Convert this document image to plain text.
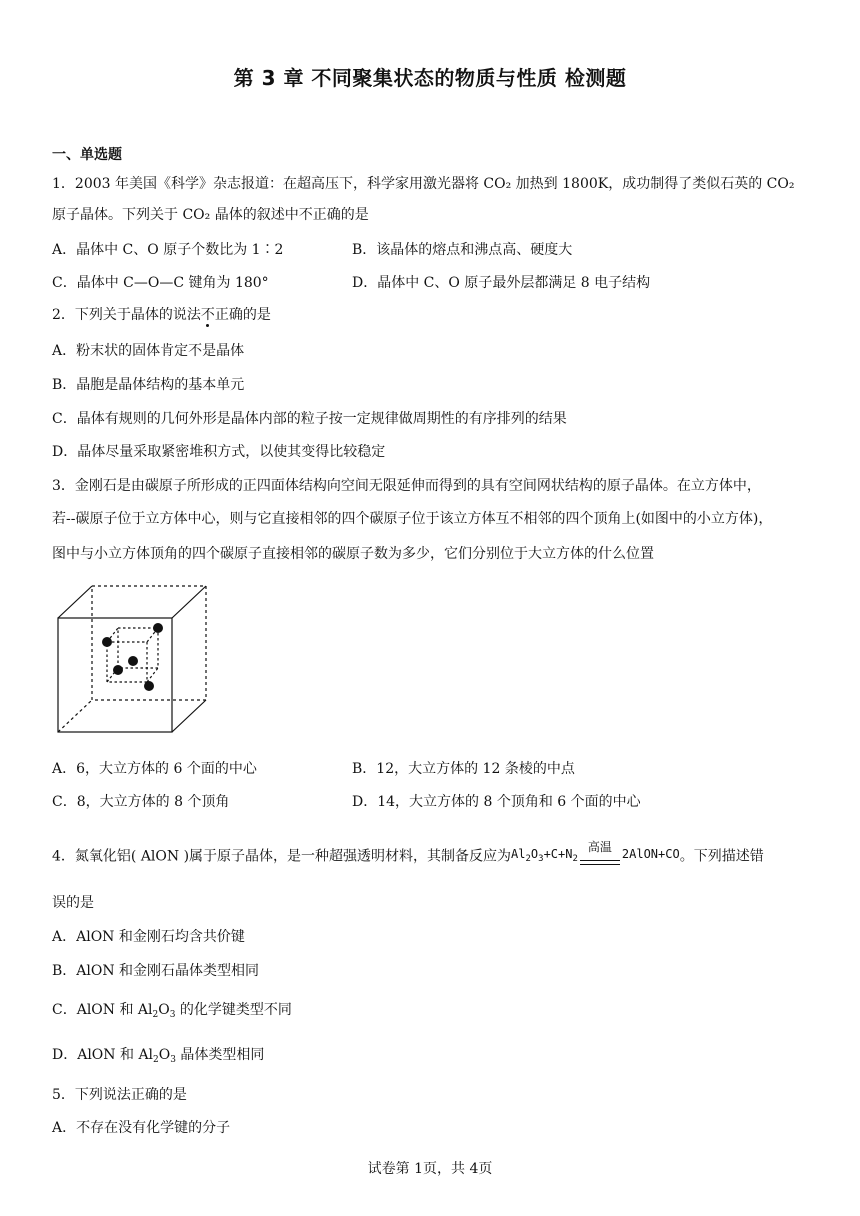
第 3 章 不同聚集状态的物质与性质 检测题
一、单选题
1．2003 年美国《科学》杂志报道：在超高压下，科学家用激光器将 CO₂ 加热到 1800K，成功制得了类似石英的 CO₂
原子晶体。下列关于 CO₂ 晶体的叙述中不正确的是
A．晶体中 C、O 原子个数比为 1∶2	B．该晶体的熔点和沸点高、硬度大
C．晶体中 C—O—C 键角为 180°	D．晶体中 C、O 原子最外层都满足 8 电子结构
2．下列关于晶体的说法不正确的是
A．粉末状的固体肯定不是晶体
B．晶胞是晶体结构的基本单元
C．晶体有规则的几何外形是晶体内部的粒子按一定规律做周期性的有序排列的结果
D．晶体尽量采取紧密堆积方式，以使其变得比较稳定
3．金刚石是由碳原子所形成的正四面体结构向空间无限延伸而得到的具有空间网状结构的原子晶体。在立方体中，
若--碳原子位于立方体中心，则与它直接相邻的四个碳原子位于该立方体互不相邻的四个顶角上(如图中的小立方体)，
图中与小立方体顶角的四个碳原子直接相邻的碳原子数为多少，它们分别位于大立方体的什么位置
A．6，大立方体的 6 个面的中心	B．12，大立方体的 12 条棱的中点
C．8，大立方体的 8 个顶角	D．14，大立方体的 8 个顶角和 6 个面的中心
4．氮氧化铝( AlON )属于原子晶体，是一种超强透明材料，其制备反应为$Al_2O_3+C+N_2$
高温
2AlON+CO。下列描述错
误的是
A．AlON 和金刚石均含共价键
B．AlON 和金刚石晶体类型相同
C．AlON 和 $Al_2O_3$ 的化学键类型不同
D．AlON 和 $Al_2O_3$ 晶体类型相同
5．下列说法正确的是
A．不存在没有化学键的分子
试卷第 1页，共 4页
